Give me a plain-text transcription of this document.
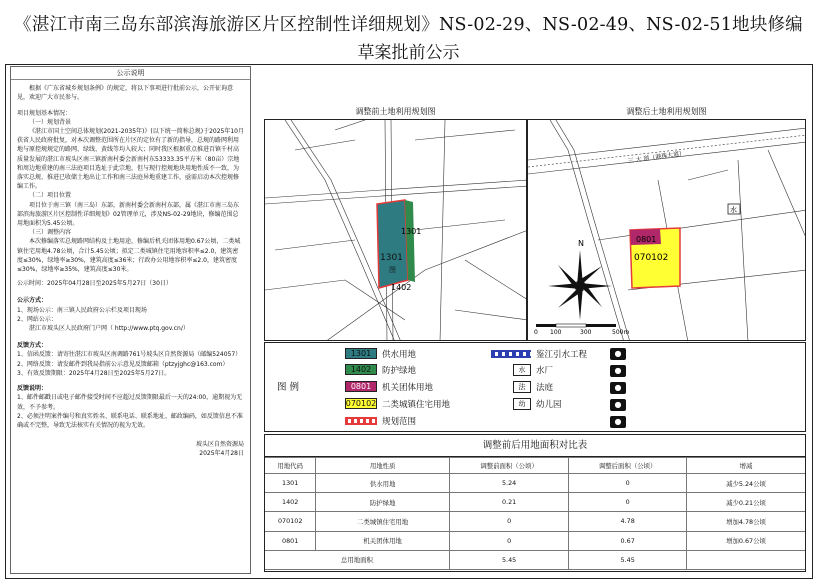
《湛江市南三岛东部滨海旅游区片区控制性详细规划》NS-02-29、NS-02-49、NS-02-51地块修编
草案批前公示
公示说明

根据《广东省城乡规划条例》的规定，将以下事项进行批前公示，公开征询意见，欢迎广大市民参与。

项目规划基本情况：

（一）规划背景

《湛江市国土空间总体规划(2021-2035年)》(以下统一简称总规)于2025年10月获省人民政府批复，对本次调整范围所在片区的定位有了新的指导，总规的路网利用地与原控规规定的路网、绿线、黄线等均入较大；同时我区根据重点推进百镇千村高质量发展的湛江市坡头区南三镇新南村委会新南村东53333.35平方米（80亩）宗地和周边地重建的南三法庭项目选址于此宗地，但与现行控规地块用地性质不一致，为落实总规、推进已收储土地出让工作和南三法庭异地重建工作，亟需启动本次控规修编工作。

（二）项目位置

项目位于南三镇（南三岛）东部，新南村委会新南村东部，属《湛江市南三岛东部滨海旅游区片区控制性详细规划》02管理单元，涉及NS-02-29地块，修编范围总用地面积为5.45公顷。

（三）调整内容

本次修编落实总规路网结构及土地用途，修编后机关团体用地0.67公顷、二类城镇住宅用地4.78公顷，合计5.45公顷；拟定二类城镇住宅用地容积率≤2.0，建筑密度≤30%，绿地率≥30%，建筑高度≤36米；行政办公用地容积率≤2.0，建筑密度≤30%，绿地率≥35%，建筑高度≤30米。

公示时间：2025年04月28日至2025年5月27日（30日）

公示方式：

1、现场公示：南三镇人民政府公示栏及项目现场

2、网站公示：

湛江市坡头区人民政府门户网（ http://www.ptq.gov.cn/）

反馈方式：

1、信函反馈：请寄往湛江市坡头区南调路761号坡头区自然资源局（邮编524057）

2、网络反馈：请发邮件到我局指前公示意见反馈邮箱（ptzyjghc@163.com）

3、有效反馈期限：2025年4月28日至2025年5月27日。

反馈说明：

1、邮件邮戳日或电子邮件接受时间不应超过反馈期限最后一天的24:00，逾期视为无效，不予参考。

2、必须注明案件编号和真实姓名、联系电话、联系地址、邮政编码，如反馈信息不准确或不完整，导致无法核实有关情况的视为无效。

坡头区自然资源局

2025年4月28日

调整前土地利用规划图	调整后土地利用规划图
1301
1301
图
1402
三 大 道（港珠大道）
0801
070102
水
N
0 100	300	500m
图 例
1301	供水用地
1402	防护绿地
0801	机关团体用地
070102 二类城镇住宅用地
规划范围
鉴江引水工程
水	水厂
法	法庭
幼	幼儿园
●
●
●
●
●
调整前后用地面积对比表
用地代码	用地性质	调整前面积（公顷）	调整后面积（公顷）	增减
1301	供水用地	5.24	0	减少5.24公顷
1402	防护绿地	0.21	0	减少0.21公顷
070102	二类城镇住宅用地	0	4.78	增加4.78公顷
0801	机关团体用地	0	0.67	增加0.67公顷
总用地面积		5.45	5.45	
